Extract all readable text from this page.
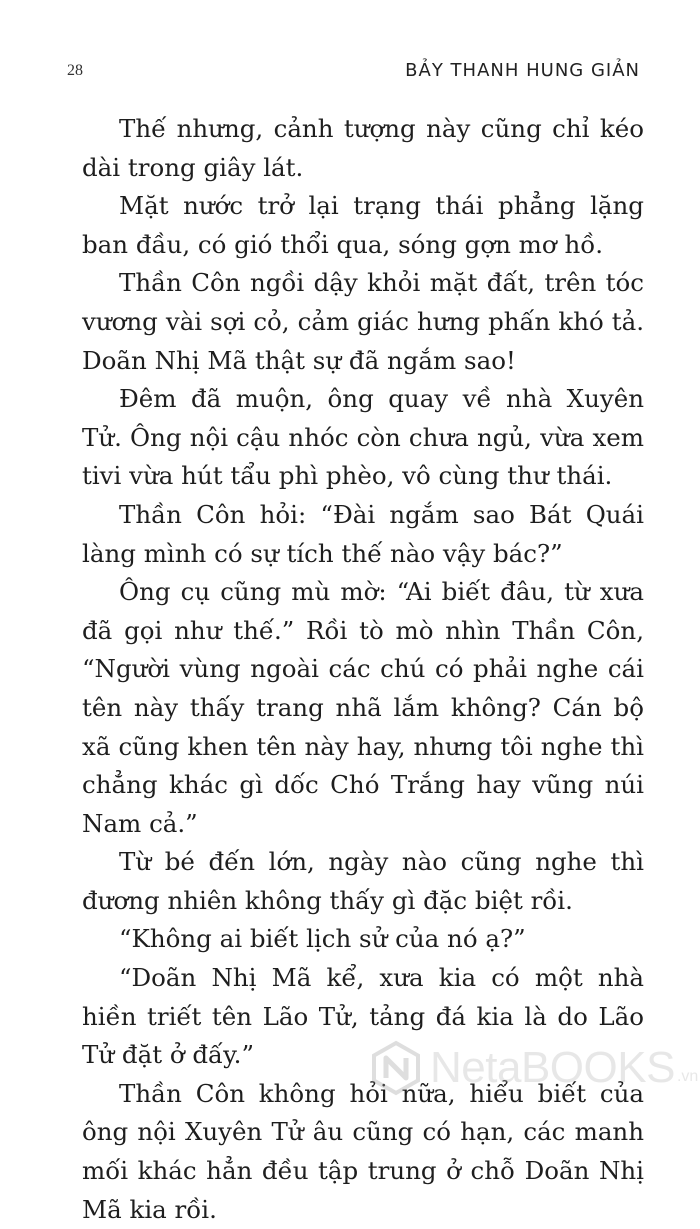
28	BẢY THANH HUNG GIẢN

Thế nhưng, cảnh tượng này cũng chỉ kéo dài trong giây lát.

Mặt nước trở lại trạng thái phẳng lặng ban đầu, có gió thổi qua, sóng gợn mơ hồ.

Thần Côn ngồi dậy khỏi mặt đất, trên tóc vương vài sợi cỏ, cảm giác hưng phấn khó tả. Doãn Nhị Mã thật sự đã ngắm sao!

Đêm đã muộn, ông quay về nhà Xuyên Tử. Ông nội cậu nhóc còn chưa ngủ, vừa xem tivi vừa hút tẩu phì phèo, vô cùng thư thái.

Thần Côn hỏi: “Đài ngắm sao Bát Quái làng mình có sự tích thế nào vậy bác?”

Ông cụ cũng mù mờ: “Ai biết đâu, từ xưa đã gọi như thế.” Rồi tò mò nhìn Thần Côn, “Người vùng ngoài các chú có phải nghe cái tên này thấy trang nhã lắm không? Cán bộ xã cũng khen tên này hay, nhưng tôi nghe thì chẳng khác gì dốc Chó Trắng hay vũng núi Nam cả.”

Từ bé đến lớn, ngày nào cũng nghe thì đương nhiên không thấy gì đặc biệt rồi.

“Không ai biết lịch sử của nó ạ?”

“Doãn Nhị Mã kể, xưa kia có một nhà hiền triết tên Lão Tử, tảng đá kia là do Lão Tử đặt ở đấy.”

Thần Côn không hỏi nữa, hiểu biết của ông nội Xuyên Tử âu cũng có hạn, các manh mối khác hẳn đều tập trung ở chỗ Doãn Nhị Mã kia rồi.

NetaBOOKS .vn
